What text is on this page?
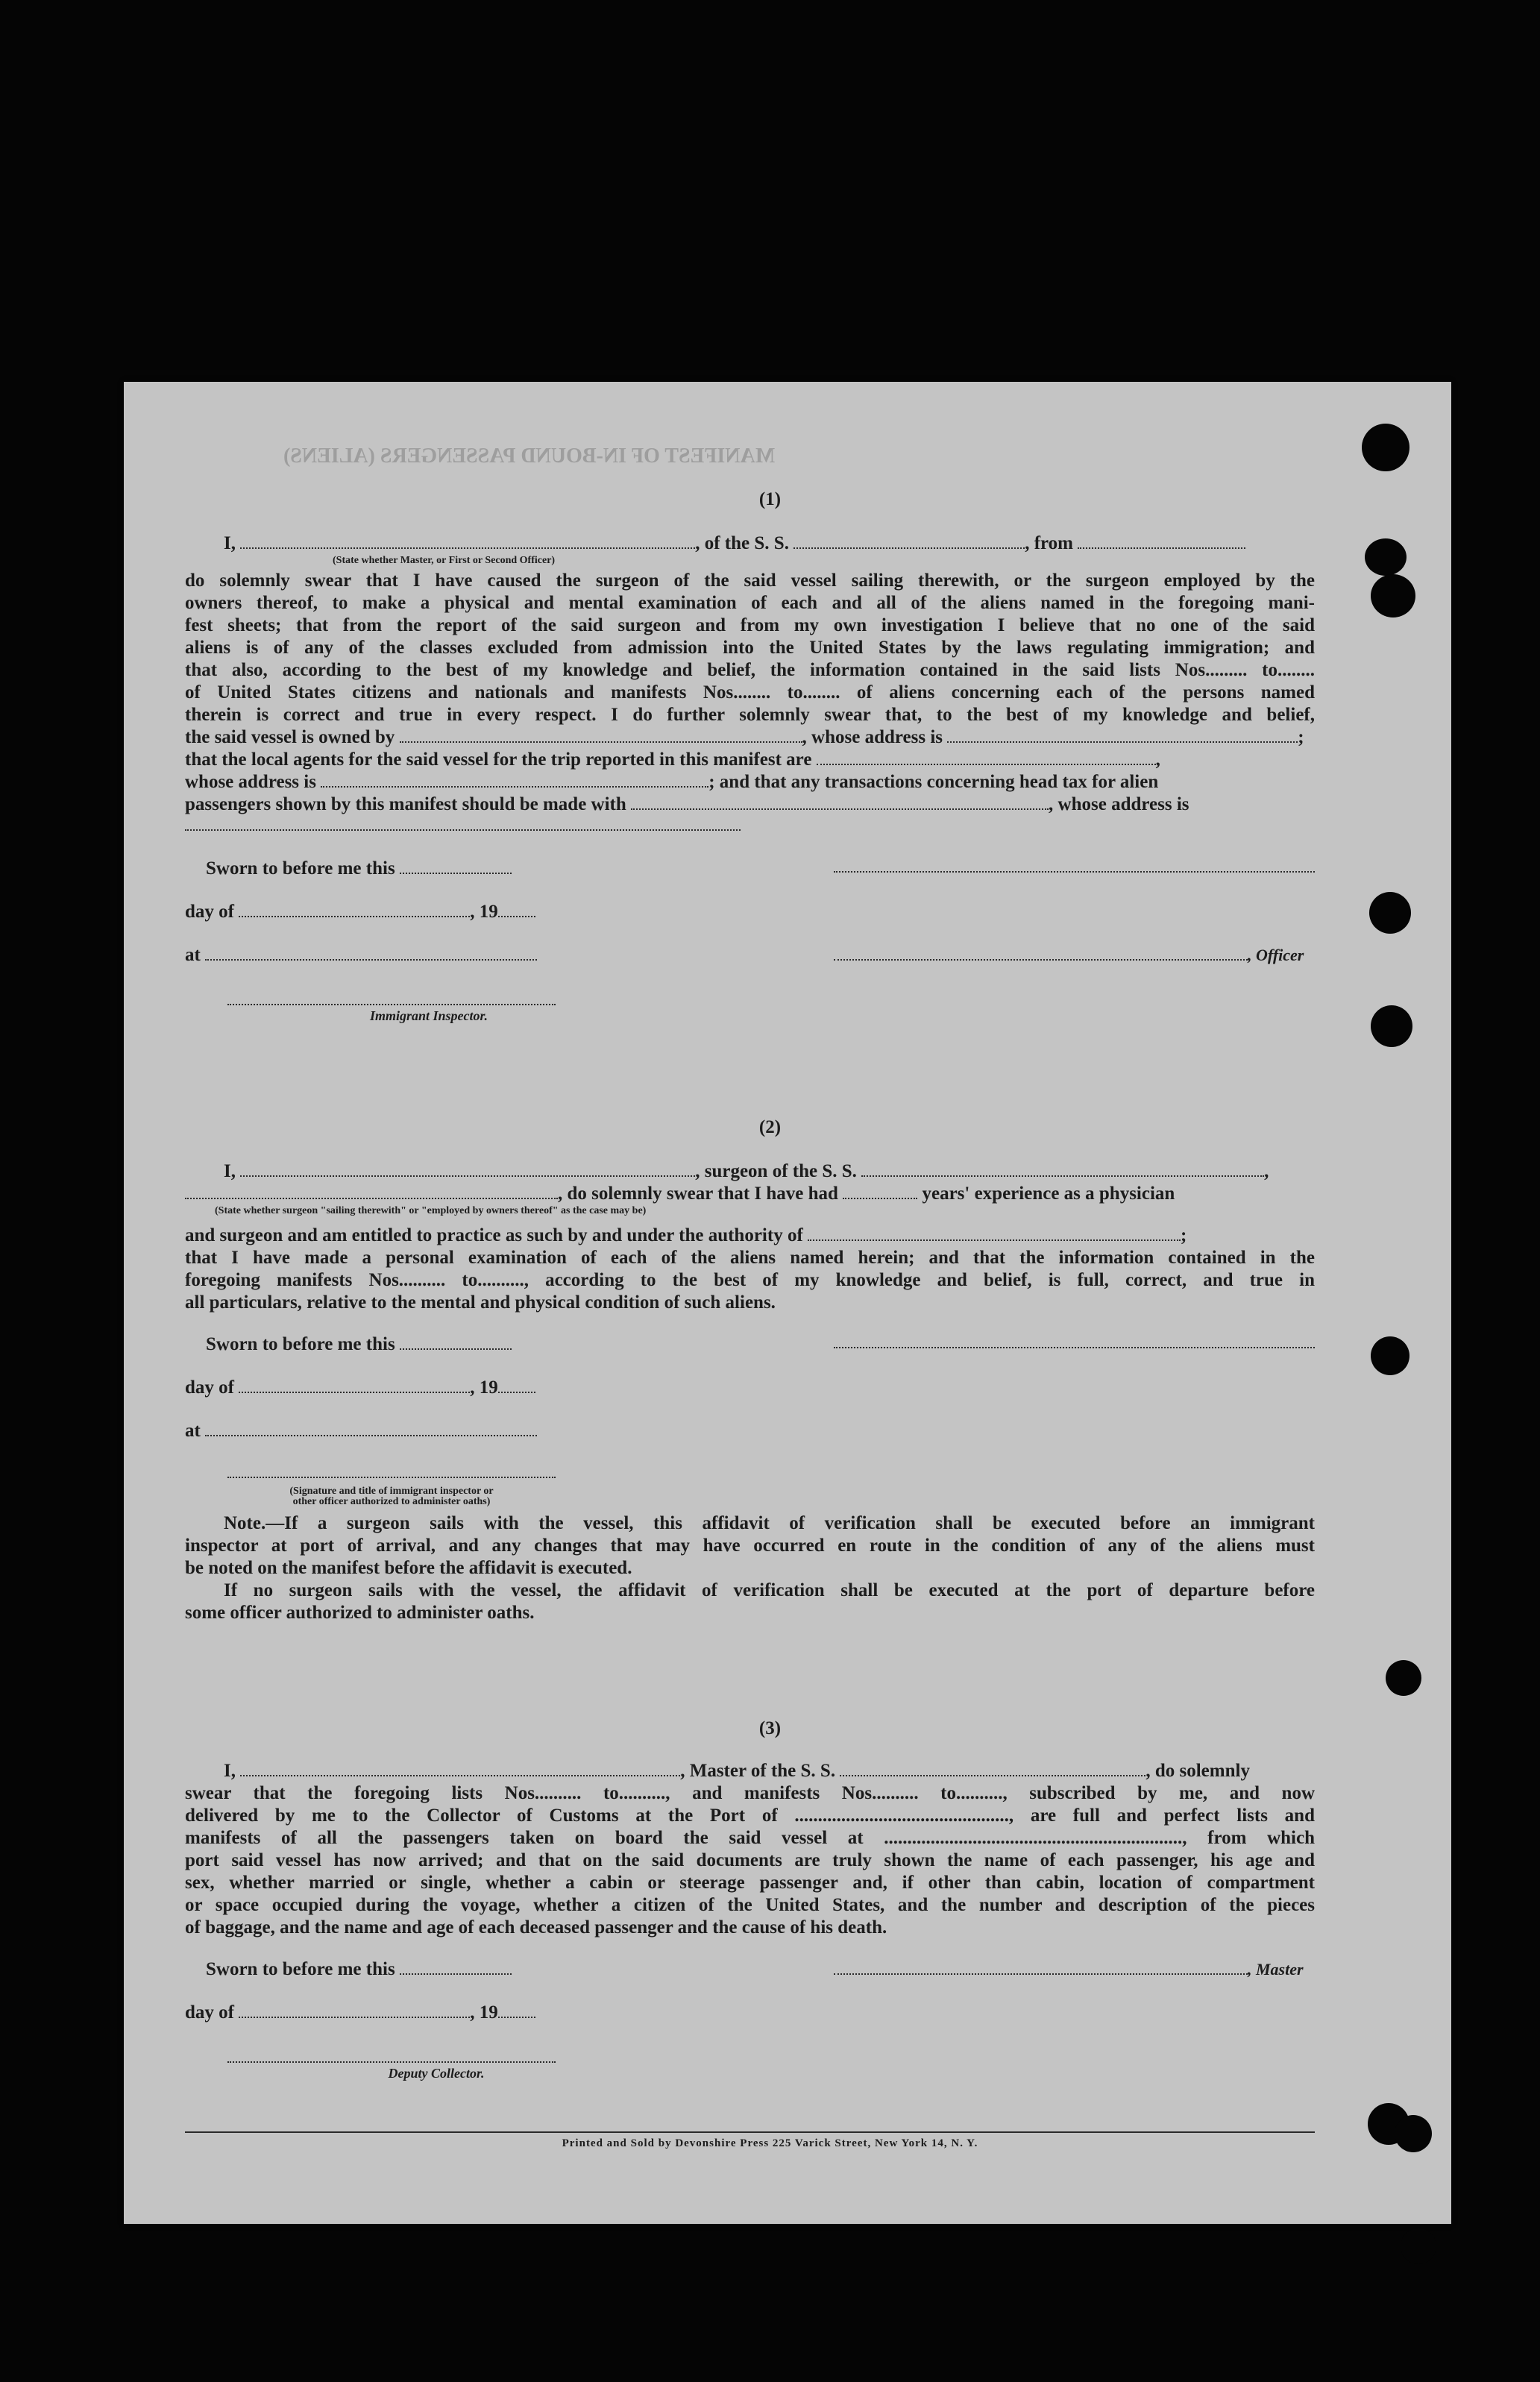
MANIFEST OF IN-BOUND PASSENGERS (ALIENS)
(1)
I,	, of the S. S.	, from
(State whether Master, or First or Second Officer)
do solemnly swear that I have caused the surgeon of the said vessel sailing therewith, or the surgeon employed by the
owners thereof, to make a physical and mental examination of each and all of the aliens named in the foregoing mani-
fest sheets; that from the report of the said surgeon and from my own investigation I believe that no one of the said
aliens is of any of the classes excluded from admission into the United States by the laws regulating immigration; and
that also, according to the best of my knowledge and belief, the information contained in the said lists Nos......... to........
of United States citizens and nationals and manifests Nos........ to........ of aliens concerning each of the persons named
therein is correct and true in every respect. I do further solemnly swear that, to the best of my knowledge and belief,
the said vessel is owned by	, whose address is	;
that the local agents for the said vessel for the trip reported in this manifest are	,
whose address is	; and that any transactions concerning head tax for alien
passengers shown by this manifest should be made with	, whose address is
Sworn to before me this
day of	, 19
at	, Officer
Immigrant Inspector.
(2)
I,	, surgeon of the S. S.	,
, do solemnly swear that I have had	years' experience as a physician
(State whether surgeon "sailing therewith" or "employed by owners thereof" as the case may be)
and surgeon and am entitled to practice as such by and under the authority of	;
that I have made a personal examination of each of the aliens named herein; and that the information contained in the
foregoing manifests Nos.......... to.........., according to the best of my knowledge and belief, is full, correct, and true in
all particulars, relative to the mental and physical condition of such aliens.
Sworn to before me this
day of	, 19
at
(Signature and title of immigrant inspector or
other officer authorized to administer oaths)
Note.—If a surgeon sails with the vessel, this affidavit of verification shall be executed before an immigrant
inspector at port of arrival, and any changes that may have occurred en route in the condition of any of the aliens must
be noted on the manifest before the affidavit is executed.
If no surgeon sails with the vessel, the affidavit of verification shall be executed at the port of departure before
some officer authorized to administer oaths.
(3)
I,	, Master of the S. S.	, do solemnly
swear that the foregoing lists Nos.......... to.........., and manifests Nos.......... to.........., subscribed by me, and now
delivered by me to the Collector of Customs at the Port of .............................................., are full and perfect lists and
manifests of all the passengers taken on board the said vessel at ................................................................, from which
port said vessel has now arrived; and that on the said documents are truly shown the name of each passenger, his age and
sex, whether married or single, whether a cabin or steerage passenger and, if other than cabin, location of compartment
or space occupied during the voyage, whether a citizen of the United States, and the number and description of the pieces
of baggage, and the name and age of each deceased passenger and the cause of his death.
Sworn to before me this	, Master
day of	, 19
Deputy Collector.
Printed and Sold by Devonshire Press 225 Varick Street, New York 14, N. Y.
